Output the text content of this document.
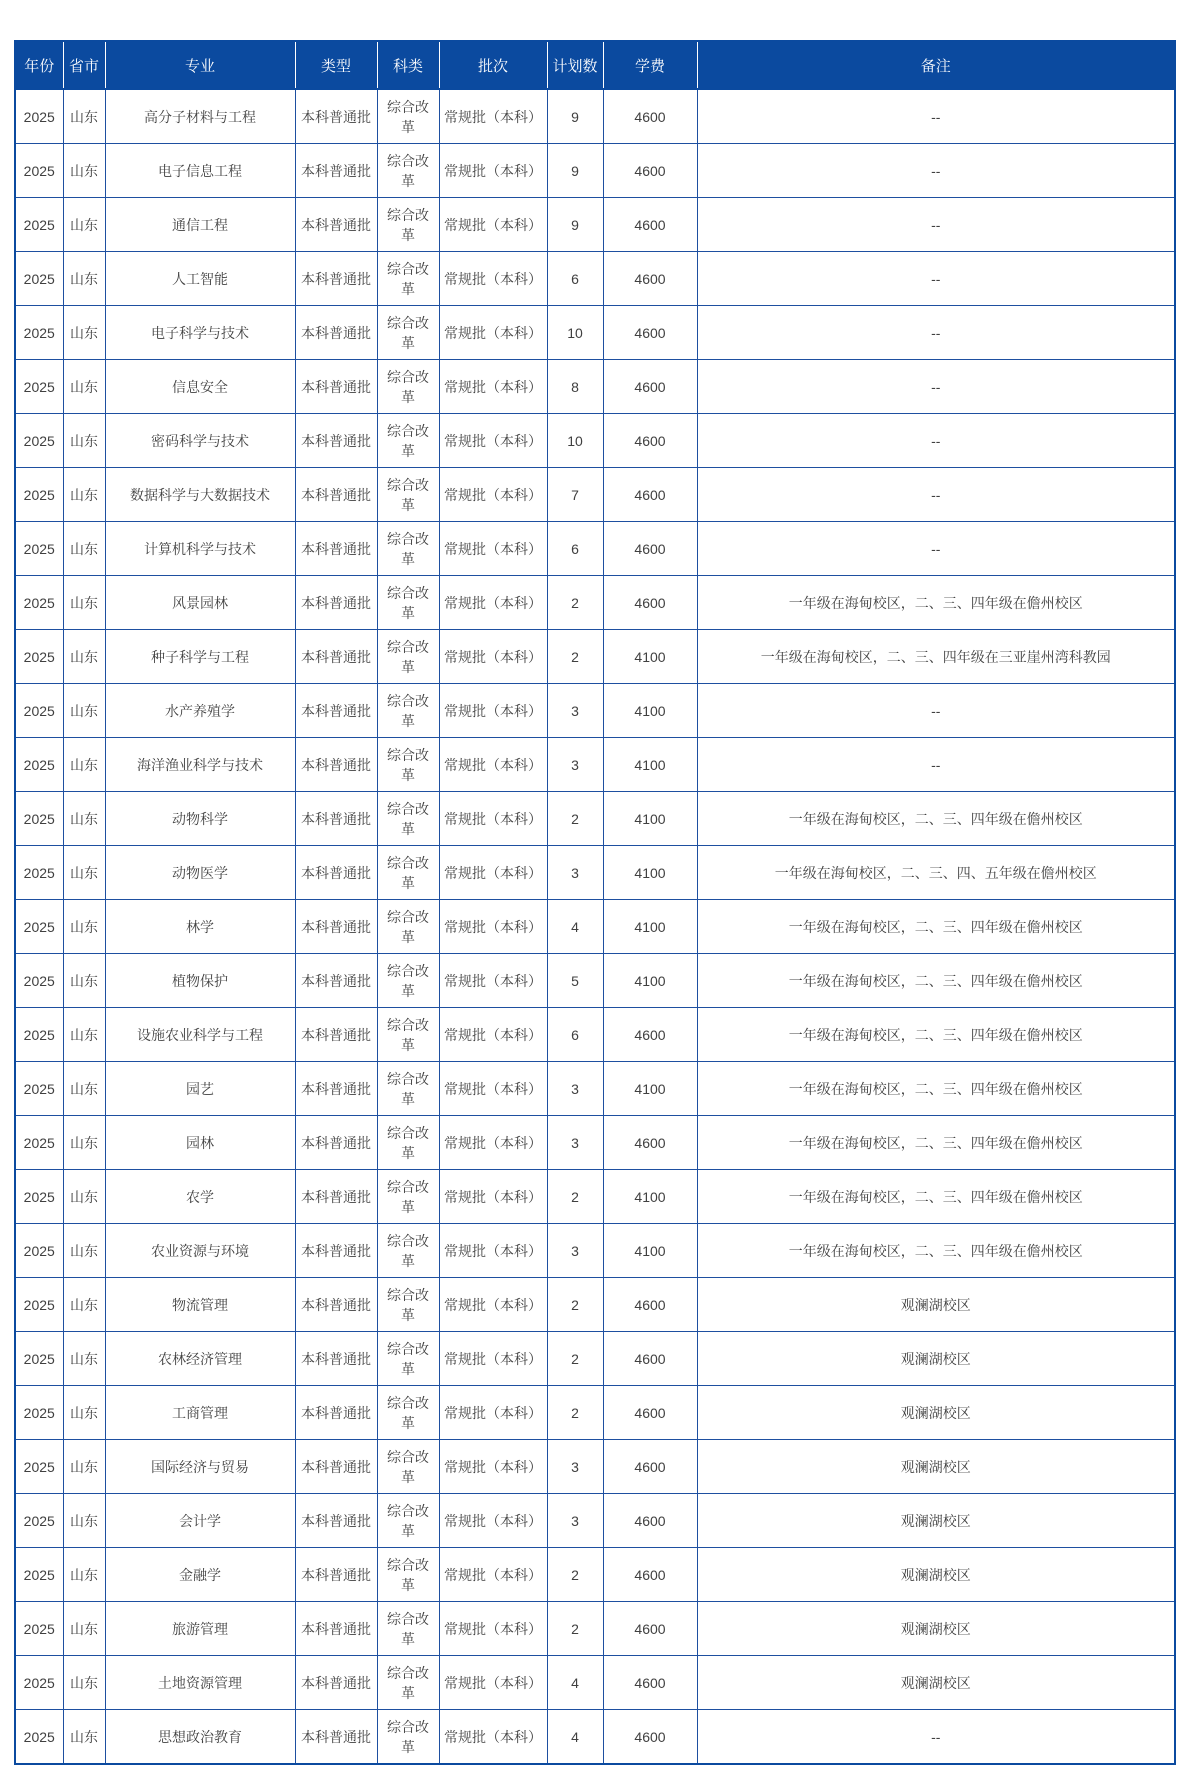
年份	省市	专业	类型	科类	批次	计划数	学费	备注
2025	山东	高分子材料与工程	本科普通批	综合改革	常规批（本科）	9	4600	--
2025	山东	电子信息工程	本科普通批	综合改革	常规批（本科）	9	4600	--
2025	山东	通信工程	本科普通批	综合改革	常规批（本科）	9	4600	--
2025	山东	人工智能	本科普通批	综合改革	常规批（本科）	6	4600	--
2025	山东	电子科学与技术	本科普通批	综合改革	常规批（本科）	10	4600	--
2025	山东	信息安全	本科普通批	综合改革	常规批（本科）	8	4600	--
2025	山东	密码科学与技术	本科普通批	综合改革	常规批（本科）	10	4600	--
2025	山东	数据科学与大数据技术	本科普通批	综合改革	常规批（本科）	7	4600	--
2025	山东	计算机科学与技术	本科普通批	综合改革	常规批（本科）	6	4600	--
2025	山东	风景园林	本科普通批	综合改革	常规批（本科）	2	4600	一年级在海甸校区，二、三、四年级在儋州校区
2025	山东	种子科学与工程	本科普通批	综合改革	常规批（本科）	2	4100	一年级在海甸校区，二、三、四年级在三亚崖州湾科教园
2025	山东	水产养殖学	本科普通批	综合改革	常规批（本科）	3	4100	--
2025	山东	海洋渔业科学与技术	本科普通批	综合改革	常规批（本科）	3	4100	--
2025	山东	动物科学	本科普通批	综合改革	常规批（本科）	2	4100	一年级在海甸校区，二、三、四年级在儋州校区
2025	山东	动物医学	本科普通批	综合改革	常规批（本科）	3	4100	一年级在海甸校区，二、三、四、五年级在儋州校区
2025	山东	林学	本科普通批	综合改革	常规批（本科）	4	4100	一年级在海甸校区，二、三、四年级在儋州校区
2025	山东	植物保护	本科普通批	综合改革	常规批（本科）	5	4100	一年级在海甸校区，二、三、四年级在儋州校区
2025	山东	设施农业科学与工程	本科普通批	综合改革	常规批（本科）	6	4600	一年级在海甸校区，二、三、四年级在儋州校区
2025	山东	园艺	本科普通批	综合改革	常规批（本科）	3	4100	一年级在海甸校区，二、三、四年级在儋州校区
2025	山东	园林	本科普通批	综合改革	常规批（本科）	3	4600	一年级在海甸校区，二、三、四年级在儋州校区
2025	山东	农学	本科普通批	综合改革	常规批（本科）	2	4100	一年级在海甸校区，二、三、四年级在儋州校区
2025	山东	农业资源与环境	本科普通批	综合改革	常规批（本科）	3	4100	一年级在海甸校区，二、三、四年级在儋州校区
2025	山东	物流管理	本科普通批	综合改革	常规批（本科）	2	4600	观澜湖校区
2025	山东	农林经济管理	本科普通批	综合改革	常规批（本科）	2	4600	观澜湖校区
2025	山东	工商管理	本科普通批	综合改革	常规批（本科）	2	4600	观澜湖校区
2025	山东	国际经济与贸易	本科普通批	综合改革	常规批（本科）	3	4600	观澜湖校区
2025	山东	会计学	本科普通批	综合改革	常规批（本科）	3	4600	观澜湖校区
2025	山东	金融学	本科普通批	综合改革	常规批（本科）	2	4600	观澜湖校区
2025	山东	旅游管理	本科普通批	综合改革	常规批（本科）	2	4600	观澜湖校区
2025	山东	土地资源管理	本科普通批	综合改革	常规批（本科）	4	4600	观澜湖校区
2025	山东	思想政治教育	本科普通批	综合改革	常规批（本科）	4	4600	--
